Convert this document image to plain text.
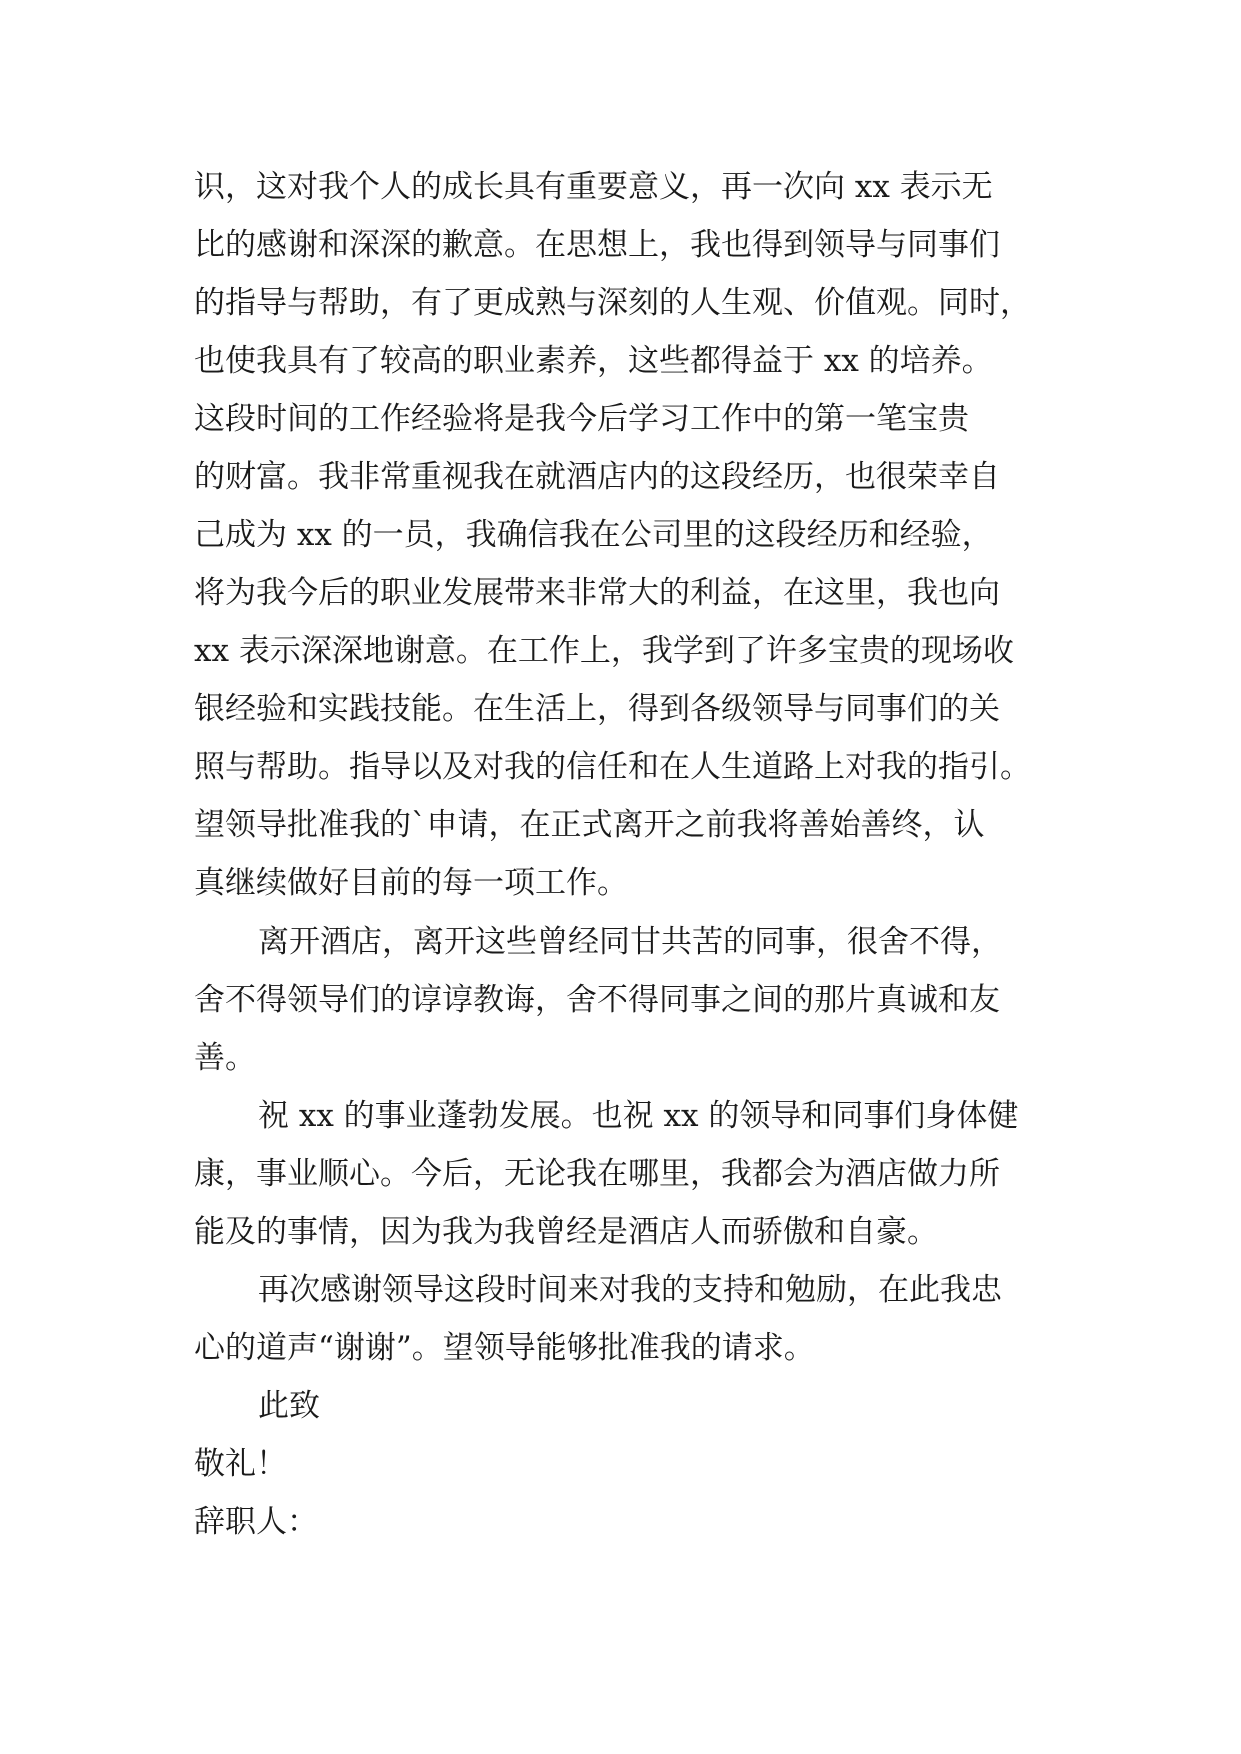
识，这对我个人的成长具有重要意义，再一次向 xx 表示无
比的感谢和深深的歉意。在思想上，我也得到领导与同事们
的指导与帮助，有了更成熟与深刻的人生观、价值观。同时，
也使我具有了较高的职业素养，这些都得益于 xx 的培养。
这段时间的工作经验将是我今后学习工作中的第一笔宝贵
的财富。我非常重视我在就酒店内的这段经历，也很荣幸自
己成为 xx 的一员，我确信我在公司里的这段经历和经验，
将为我今后的职业发展带来非常大的利益，在这里，我也向
xx 表示深深地谢意。在工作上，我学到了许多宝贵的现场收
银经验和实践技能。在生活上，得到各级领导与同事们的关
照与帮助。指导以及对我的信任和在人生道路上对我的指引。
望领导批准我的`申请，在正式离开之前我将善始善终，认
真继续做好目前的每一项工作。
离开酒店，离开这些曾经同甘共苦的同事，很舍不得，
舍不得领导们的谆谆教诲，舍不得同事之间的那片真诚和友
善。
祝 xx 的事业蓬勃发展。也祝 xx 的领导和同事们身体健
康，事业顺心。今后，无论我在哪里，我都会为酒店做力所
能及的事情，因为我为我曾经是酒店人而骄傲和自豪。
再次感谢领导这段时间来对我的支持和勉励，在此我忠
心的道声“谢谢”。望领导能够批准我的请求。
此致
敬礼！
辞职人：
